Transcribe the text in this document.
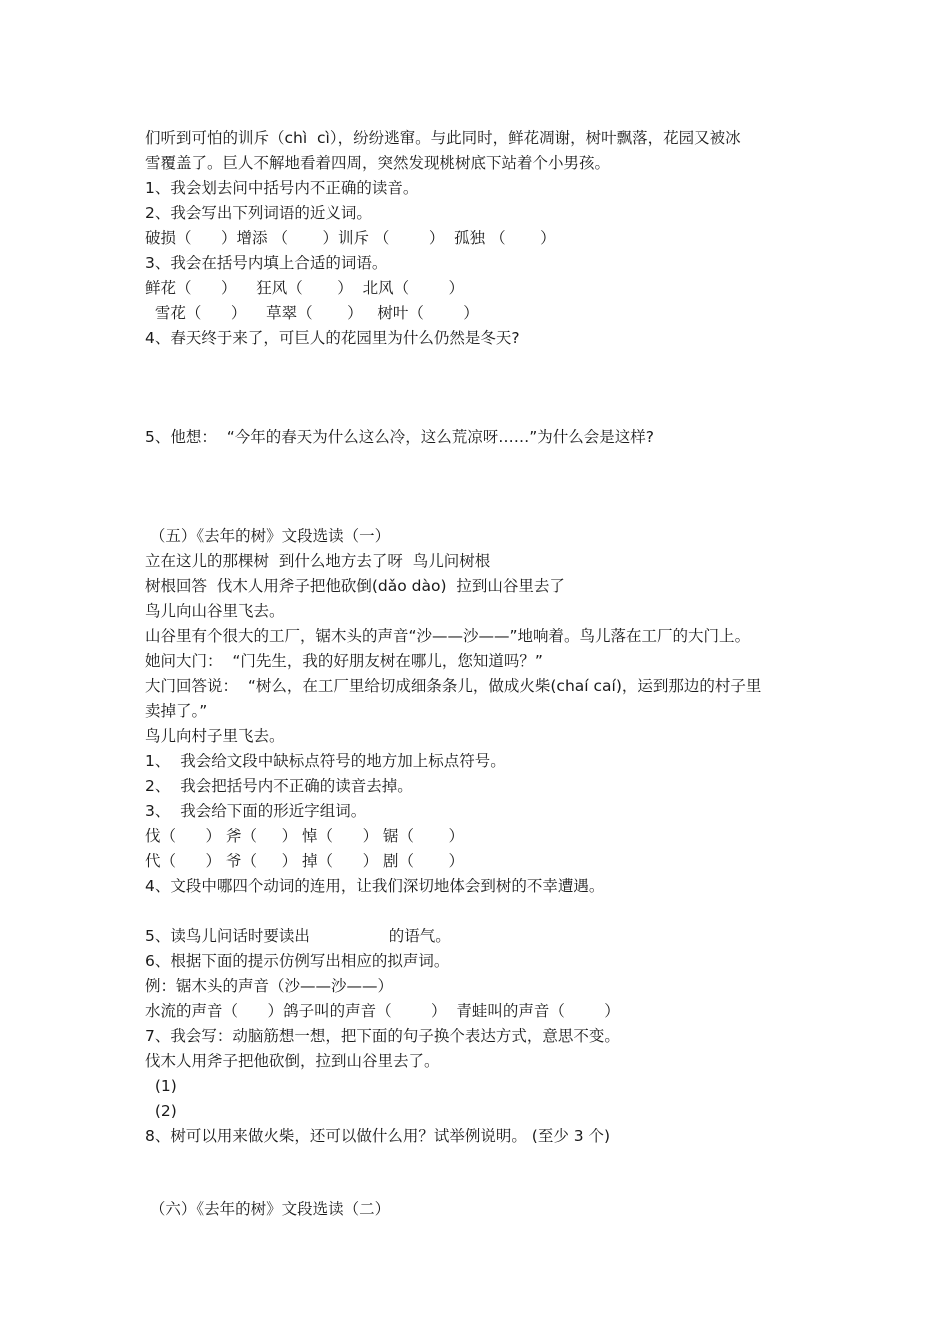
们听到可怕的训斥（chì  cì），纷纷逃窜。与此同时，鲜花凋谢，树叶飘落，花园又被冰
雪覆盖了。巨人不解地看着四周，突然发现桃树底下站着个小男孩。
1、我会划去问中括号内不正确的读音。
2、我会写出下列词语的近义词。
破损（      ）增添 （       ）训斥 （        ）  孤独 （       ）
3、我会在括号内填上合适的词语。
鲜花（      ）    狂风（       ）  北风（        ）
雪花（      ）    草翠（       ）   树叶（        ）
4、春天终于来了，可巨人的花园里为什么仍然是冬天?
5、他想：  “今年的春天为什么这么冷，这么荒凉呀……”为什么会是这样?
（五）《去年的树》文段选读（一）
立在这儿的那棵树  到什么地方去了呀  鸟儿问树根
树根回答  伐木人用斧子把他砍倒(dǎo dào)  拉到山谷里去了
鸟儿向山谷里飞去。
山谷里有个很大的工厂，锯木头的声音“沙——沙——”地响着。鸟儿落在工厂的大门上。
她问大门：  “门先生，我的好朋友树在哪儿，您知道吗？”
大门回答说：  “树么，在工厂里给切成细条条儿，做成火柴(chaí caí)，运到那边的村子里
卖掉了。”
鸟儿向村子里飞去。
1、  我会给文段中缺标点符号的地方加上标点符号。
2、  我会把括号内不正确的读音去掉。
3、  我会给下面的形近字组词。
伐（      ） 斧（     ） 悼（      ） 锯（       ）
代（      ） 爷（     ） 掉（      ） 剧（       ）
4、文段中哪四个动词的连用，让我们深切地体会到树的不幸遭遇。
5、读鸟儿问话时要读出                的语气。
6、根据下面的提示仿例写出相应的拟声词。
例：锯木头的声音（沙——沙——）
水流的声音（      ）鸽子叫的声音（        ）  青蛙叫的声音（        ）
7、我会写：动脑筋想一想，把下面的句子换个表达方式，意思不变。
伐木人用斧子把他砍倒，拉到山谷里去了。
(1)
(2)
8、树可以用来做火柴，还可以做什么用？试举例说明。 (至少 3 个)
（六）《去年的树》文段选读（二）
